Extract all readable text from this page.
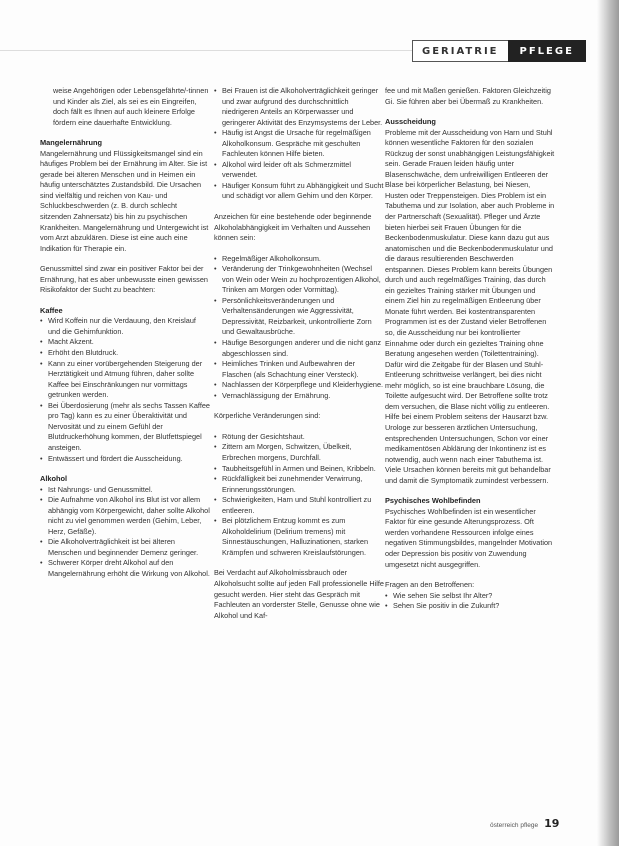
GERIATRIE	PFLEGE

weise Angehörigen oder Lebensgefährte/-tinnen und Kinder als Ziel, als sei es ein Eingreifen, doch fällt es Ihnen auf auch kleinere Erfolge fördern eine dauerhafte Entwicklung.

Mangelernährung

Mangelernährung und Flüssigkeitsmangel sind ein häufiges Problem bei der Ernährung im Alter. Sie ist gerade bei älteren Menschen und in Heimen ein häufig unterschätztes Zustandsbild. Die Ursachen sind vielfältig und reichen von Kau- und Schluckbeschwerden (z. B. durch schlecht sitzenden Zahnersatz) bis hin zu psychischen Krankheiten. Mangelernährung und Untergewicht ist vom Arzt abzuklären. Diese ist eine auch eine Indikation für Therapie ein.

Genussmittel sind zwar ein positiver Faktor bei der Ernährung, hat es aber unbewusste einen gewissen Risikofaktor der Sucht zu beachten:

Kaffee
• Wird Koffein nur die Verdauung, den Kreislauf und die Gehirnfunktion.
• Macht Akzent.
• Erhöht den Blutdruck.
• Kann zu einer vorübergehenden Steigerung der Herztätigkeit und Atmung führen, daher sollte Kaffee bei Einschränkungen nur vormittags getrunken werden.
• Bei Überdosierung (mehr als sechs Tassen Kaffee pro Tag) kann es zu einer Überaktivität und Nervosität und zu einem Gefühl der Blutdruckerhöhung kommen, der Blutfettspiegel ansteigen.
• Entwässert und fördert die Ausscheidung.
Alkohol
• Ist Nahrungs- und Genussmittel.
• Die Aufnahme von Alkohol ins Blut ist vor allem abhängig vom Körpergewicht, daher sollte Alkohol nicht zu viel genommen werden (Gehirn, Leber, Herz, Gefäße).
• Die Alkoholverträglichkeit ist bei älteren Menschen und beginnender Demenz geringer.
• Schwerer Körper dreht Alkohol auf den Mangelernährung erhöht die Wirkung von Alkohol.
• Bei Frauen ist die Alkoholverträglichkeit geringer und zwar aufgrund des durchschnittlich niedrigeren Anteils an Körperwasser und geringerer Aktivität des Enzymsystems der Leber.
• Häufig ist Angst die Ursache für regelmäßigen Alkoholkonsum. Gespräche mit geschulten Fachleuten können Hilfe bieten.
• Alkohol wird leider oft als Schmerzmittel verwendet.
• Häufiger Konsum führt zu Abhängigkeit und Sucht und schädigt vor allem Gehirn und den Körper.

Anzeichen für eine bestehende oder beginnende Alkoholabhängigkeit im Verhalten und Aussehen können sein:

• Regelmäßiger Alkoholkonsum.
• Veränderung der Trinkgewohnheiten (Wechsel von Wein oder Wein zu hochprozentigen Alkohol, Trinken am Morgen oder Vormittag).
• Persönlichkeitsveränderungen und Verhaltensänderungen wie Aggressivität, Depressivität, Reizbarkeit, unkontrollierte Zorn und Gewaltausbrüche.
• Häufige Besorgungen anderer und die nicht ganz abgeschlossen sind.
• Heimliches Trinken und Aufbewahren der Flaschen (als Schachtung einer Versteck).
• Nachlassen der Körperpflege und Kleiderhygiene.
• Vernachlässigung der Ernährung.

Körperliche Veränderungen sind:

• Rötung der Gesichtshaut.
• Zittern am Morgen, Schwitzen, Übelkeit, Erbrechen morgens, Durchfall.
• Taubheitsgefühl in Armen und Beinen, Kribbeln.
• Rückfälligkeit bei zunehmender Verwirrung, Erinnerungsstörungen.
• Schwierigkeiten, Harn und Stuhl kontrolliert zu entleeren.
• Bei plötzlichem Entzug kommt es zum Alkoholdelirium (Delirium tremens) mit Sinnestäuschungen, Halluzinationen, starken Krämpfen und schweren Kreislaufstörungen.

Bei Verdacht auf Alkoholmissbrauch oder Alkoholsucht sollte auf jeden Fall professionelle Hilfe gesucht werden. Hier steht das Gespräch mit Fachleuten an vorderster Stelle, Genusse ohne wie Alkohol und Kaf-

fee und mit Maßen genießen. Faktoren Gleichzeitig Gi. Sie führen aber bei Übermaß zu Krankheiten.

Ausscheidung

Probleme mit der Ausscheidung von Harn und Stuhl können wesentliche Faktoren für den sozialen Rückzug der sonst unabhängigen Leistungsfähigkeit sein. Gerade Frauen leiden häufig unter Blasenschwäche, dem unfreiwilligen Entleeren der Blase bei körperlicher Belastung, bei Niesen, Husten oder Treppensteigen. Dies Problem ist ein Tabuthema und zur Isolation, aber auch Probleme in der Partnerschaft (Sexualität). Pfleger und Ärzte bieten hierbei seit Frauen Übungen für die Beckenbodenmuskulatur. Diese kann dazu gut aus anatomischen und die Beckenbodenmuskulatur und die daraus resultierenden Beschwerden entspannen. Dieses Problem kann bereits Übungen durch und auch regelmäßiges Training, das durch ein gezieltes Training stärker mit Übungen und einem Ziel hin zu regelmäßigen Entleerung über Monate führt werden. Bei kostentransparenten Programmen ist es der Zustand vieler Betroffenen so, die Ausscheidung nur bei kontrollierter Einnahme oder durch ein gezieltes Training ohne Beratung angesehen werden (Toilettentraining). Dafür wird die Zeitgabe für der Blasen und Stuhl-Entleerung schrittweise verlängert, bei dies nicht mehr möglich, so ist eine brauchbare Lösung, die Toilette aufgesucht wird. Der Betroffene sollte trotz dem versuchen, die Blase nicht völlig zu entleeren. Hilfe bei einem Problem seitens der Hausarzt bzw. Urologe zur besseren ärztlichen Untersuchung, entsprechenden Untersuchungen, Schon vor einer medikamentösen Abklärung der Inkontinenz ist es notwendig, auch wenn nach einer Tabuthema ist. Viele Ursachen können bereits mit gut behandelbar und damit die Symptomatik zumindest verbessern.

Psychisches Wohlbefinden

Psychisches Wohlbefinden ist ein wesentlicher Faktor für eine gesunde Alterungsprozess. Oft werden vorhandene Ressourcen infolge eines negativen Stimmungsbildes, mangelnder Motivation oder Depression bis positiv von Zuwendung umgesetzt nicht ausgegriffen.

Fragen an den Betroffenen:

• Wie sehen Sie selbst Ihr Alter?
• Sehen Sie positiv in die Zukunft?
österreich pflege 19
